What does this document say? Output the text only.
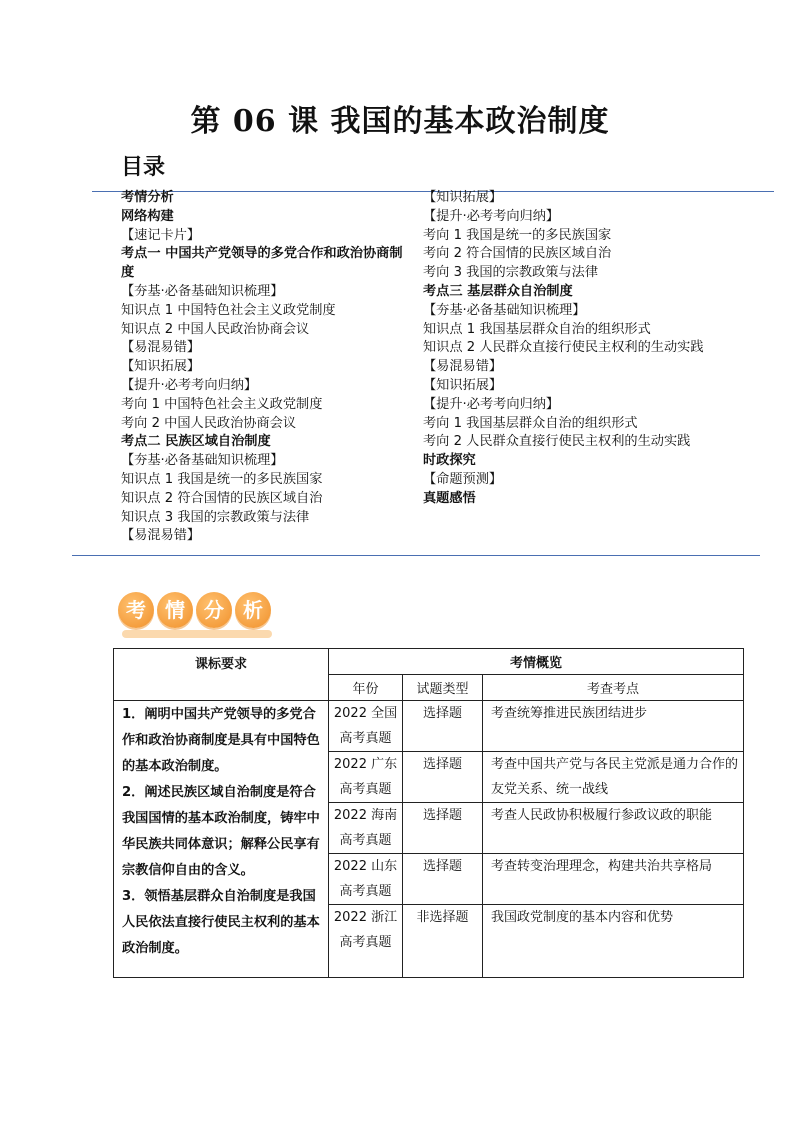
第 06 课 我国的基本政治制度
目录
考情分析
网络构建
【速记卡片】
考点一 中国共产党领导的多党合作和政治协商制度
【夯基·必备基础知识梳理】
知识点 1 中国特色社会主义政党制度
知识点 2 中国人民政治协商会议
【易混易错】
【知识拓展】
【提升·必考考向归纳】
考向 1 中国特色社会主义政党制度
考向 2 中国人民政治协商会议
考点二 民族区域自治制度
【夯基·必备基础知识梳理】
知识点 1 我国是统一的多民族国家
知识点 2 符合国情的民族区域自治
知识点 3 我国的宗教政策与法律
【易混易错】
【知识拓展】
【提升·必考考向归纳】
考向 1 我国是统一的多民族国家
考向 2 符合国情的民族区域自治
考向 3 我国的宗教政策与法律
考点三 基层群众自治制度
【夯基·必备基础知识梳理】
知识点 1 我国基层群众自治的组织形式
知识点 2 人民群众直接行使民主权利的生动实践
【易混易错】
【知识拓展】
【提升·必考考向归纳】
考向 1 我国基层群众自治的组织形式
考向 2 人民群众直接行使民主权利的生动实践
时政探究
【命题预测】
真题感悟
考 情 分 析
课标要求	考情概览		
	年份	试题类型	考查考点

1．阐明中国共产党领导的多党合作和政治协商制度是具有中国特色的基本政治制度。

2．阐述民族区域自治制度是符合我国国情的基本政治制度，铸牢中华民族共同体意识；解释公民享有宗教信仰自由的含义。

3．领悟基层群众自治制度是我国人民依法直接行使民主权利的基本政治制度。	2022 全国高考真题	选择题	考查统筹推进民族团结进步
	2022 广东高考真题	选择题	考查中国共产党与各民主党派是通力合作的友党关系、统一战线
	2022 海南高考真题	选择题	考查人民政协积极履行参政议政的职能
	2022 山东高考真题	选择题	考查转变治理理念，构建共治共享格局
	2022 浙江高考真题	非选择题	我国政党制度的基本内容和优势
